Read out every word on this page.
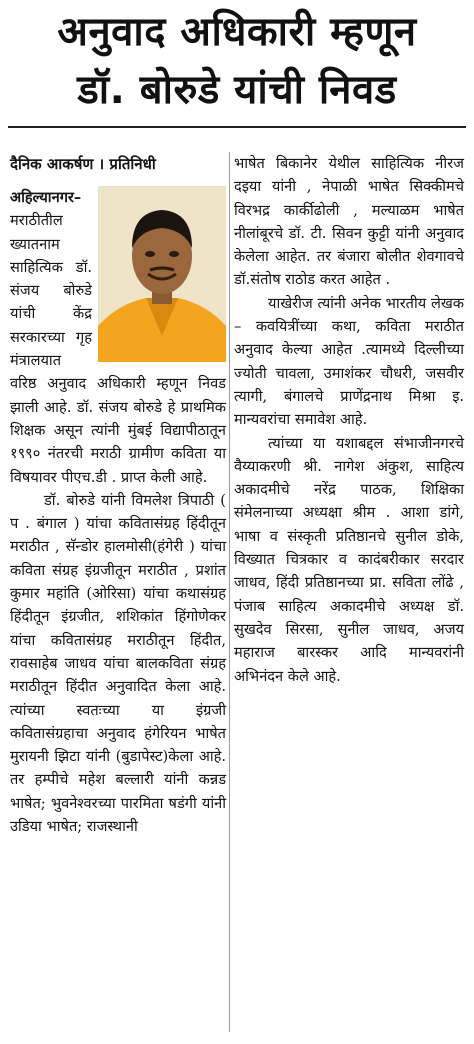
अनुवाद अधिकारी म्हणून
डॉ. बोरुडे यांची निवड
दैनिक आकर्षण । प्रतिनिधी

अहिल्यानगर– मराठीतील ख्यातनाम साहित्यिक डॉ. संजय बोरुडे यांची केंद्र सरकारच्या गृह मंत्रालयात वरिष्ठ अनुवाद अधिकारी म्हणून निवड झाली आहे. डॉ. संजय बोरुडे हे प्राथमिक शिक्षक असून त्यांनी मुंबई विद्यापीठातून १९९० नंतरची मराठी ग्रामीण कविता या विषयावर पीएच.डी . प्राप्त केली आहे.

डॉ. बोरुडे यांनी विमलेश त्रिपाठी ( प . बंगाल ) यांचा कवितासंग्रह हिंदीतून मराठीत , सॅन्डोर हालमोसी(हंगेरी ) यांचा कविता संग्रह इंग्रजीतून मराठीत , प्रशांत कुमार महांति (ओरिसा) यांचा कथासंग्रह हिंदीतून इंग्रजीत, शशिकांत हिंगोणेकर यांचा कवितासंग्रह मराठीतून हिंदीत, रावसाहेब जाधव यांचा बालकविता संग्रह मराठीतून हिंदीत अनुवादित केला आहे. त्यांच्या स्वतःच्या या इंग्रजी कवितासंग्रहाचा अनुवाद हंगेरियन भाषेत मुरायनी झिटा यांनी (बुडापेस्ट)केला आहे. तर हम्पीचे महेश बल्लारी यांनी कन्नड भाषेत; भुवनेश्वरच्या पारमिता षडंगी यांनी उडिया भाषेत; राजस्थानी

भाषेत बिकानेर येथील साहित्यिक नीरज दइया यांनी , नेपाळी भाषेत सिक्कीमचे विरभद्र कार्कीढोली , मल्याळम भाषेत नीलांबूरचे डॉ. टी. सिवन कुट्टी यांनी अनुवाद केलेला आहेत. तर बंजारा बोलीत शेवगावचे डॉ.संतोष राठोड करत आहेत .

याखेरीज त्यांनी अनेक भारतीय लेखक – कवयित्रींच्या कथा, कविता मराठीत अनुवाद केल्या आहेत .त्यामध्ये दिल्लीच्या ज्योती चावला, उमाशंकर चौधरी, जसवीर त्यागी, बंगालचे प्राणेंद्रनाथ मिश्रा इ. मान्यवरांचा समावेश आहे.

त्यांच्या या यशाबद्दल संभाजीनगरचे वैय्याकरणी श्री. नागेश अंकुश, साहित्य अकादमीचे नरेंद्र पाठक, शिक्षिका संमेलनाच्या अध्यक्षा श्रीम . आशा डांगे, भाषा व संस्कृती प्रतिष्ठानचे सुनील डोके, विख्यात चित्रकार व कादंबरीकार सरदार जाधव, हिंदी प्रतिष्ठानच्या प्रा. सविता लोंढे , पंजाब साहित्य अकादमीचे अध्यक्ष डॉ. सुखदेव सिरसा, सुनील जाधव, अजय महाराज बारस्कर आदि मान्यवरांनी अभिनंदन केले आहे.
